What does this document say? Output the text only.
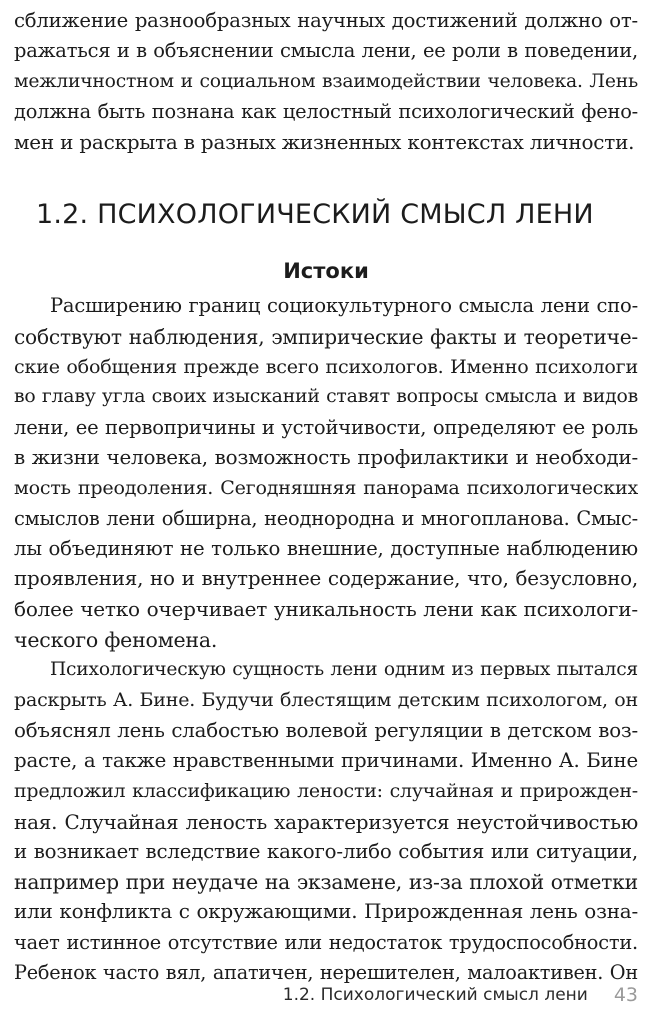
сближение разнообразных научных достижений должно от-
ражаться и в объяснении смысла лени, ее роли в поведении,
межличностном и социальном взаимодействии человека. Лень
должна быть познана как целостный психологический фено-
мен и раскрыта в разных жизненных контекстах личности.
1.2. ПСИХОЛОГИЧЕСКИЙ СМЫСЛ ЛЕНИ
Истоки
Расширению границ социокультурного смысла лени спо-
собствуют наблюдения, эмпирические факты и теоретиче-
ские обобщения прежде всего психологов. Именно психологи
во главу угла своих изысканий ставят вопросы смысла и видов
лени, ее первопричины и устойчивости, определяют ее роль
в жизни человека, возможность профилактики и необходи-
мость преодоления. Сегодняшняя панорама психологических
смыслов лени обширна, неоднородна и многопланова. Смыс-
лы объединяют не только внешние, доступные наблюдению
проявления, но и внутреннее содержание, что, безусловно,
более четко очерчивает уникальность лени как психологи-
ческого феномена.
Психологическую сущность лени одним из первых пытался
раскрыть А. Бине. Будучи блестящим детским психологом, он
объяснял лень слабостью волевой регуляции в детском воз-
расте, а также нравственными причинами. Именно А. Бине
предложил классификацию лености: случайная и прирожден-
ная. Случайная леность характеризуется неустойчивостью
и возникает вследствие какого-либо события или ситуации,
например при неудаче на экзамене, из-за плохой отметки
или конфликта с окружающими. Прирожденная лень озна-
чает истинное отсутствие или недостаток трудоспособности.
Ребенок часто вял, апатичен, нерешителен, малоактивен. Он
1.2. Психологический смысл лени 43
